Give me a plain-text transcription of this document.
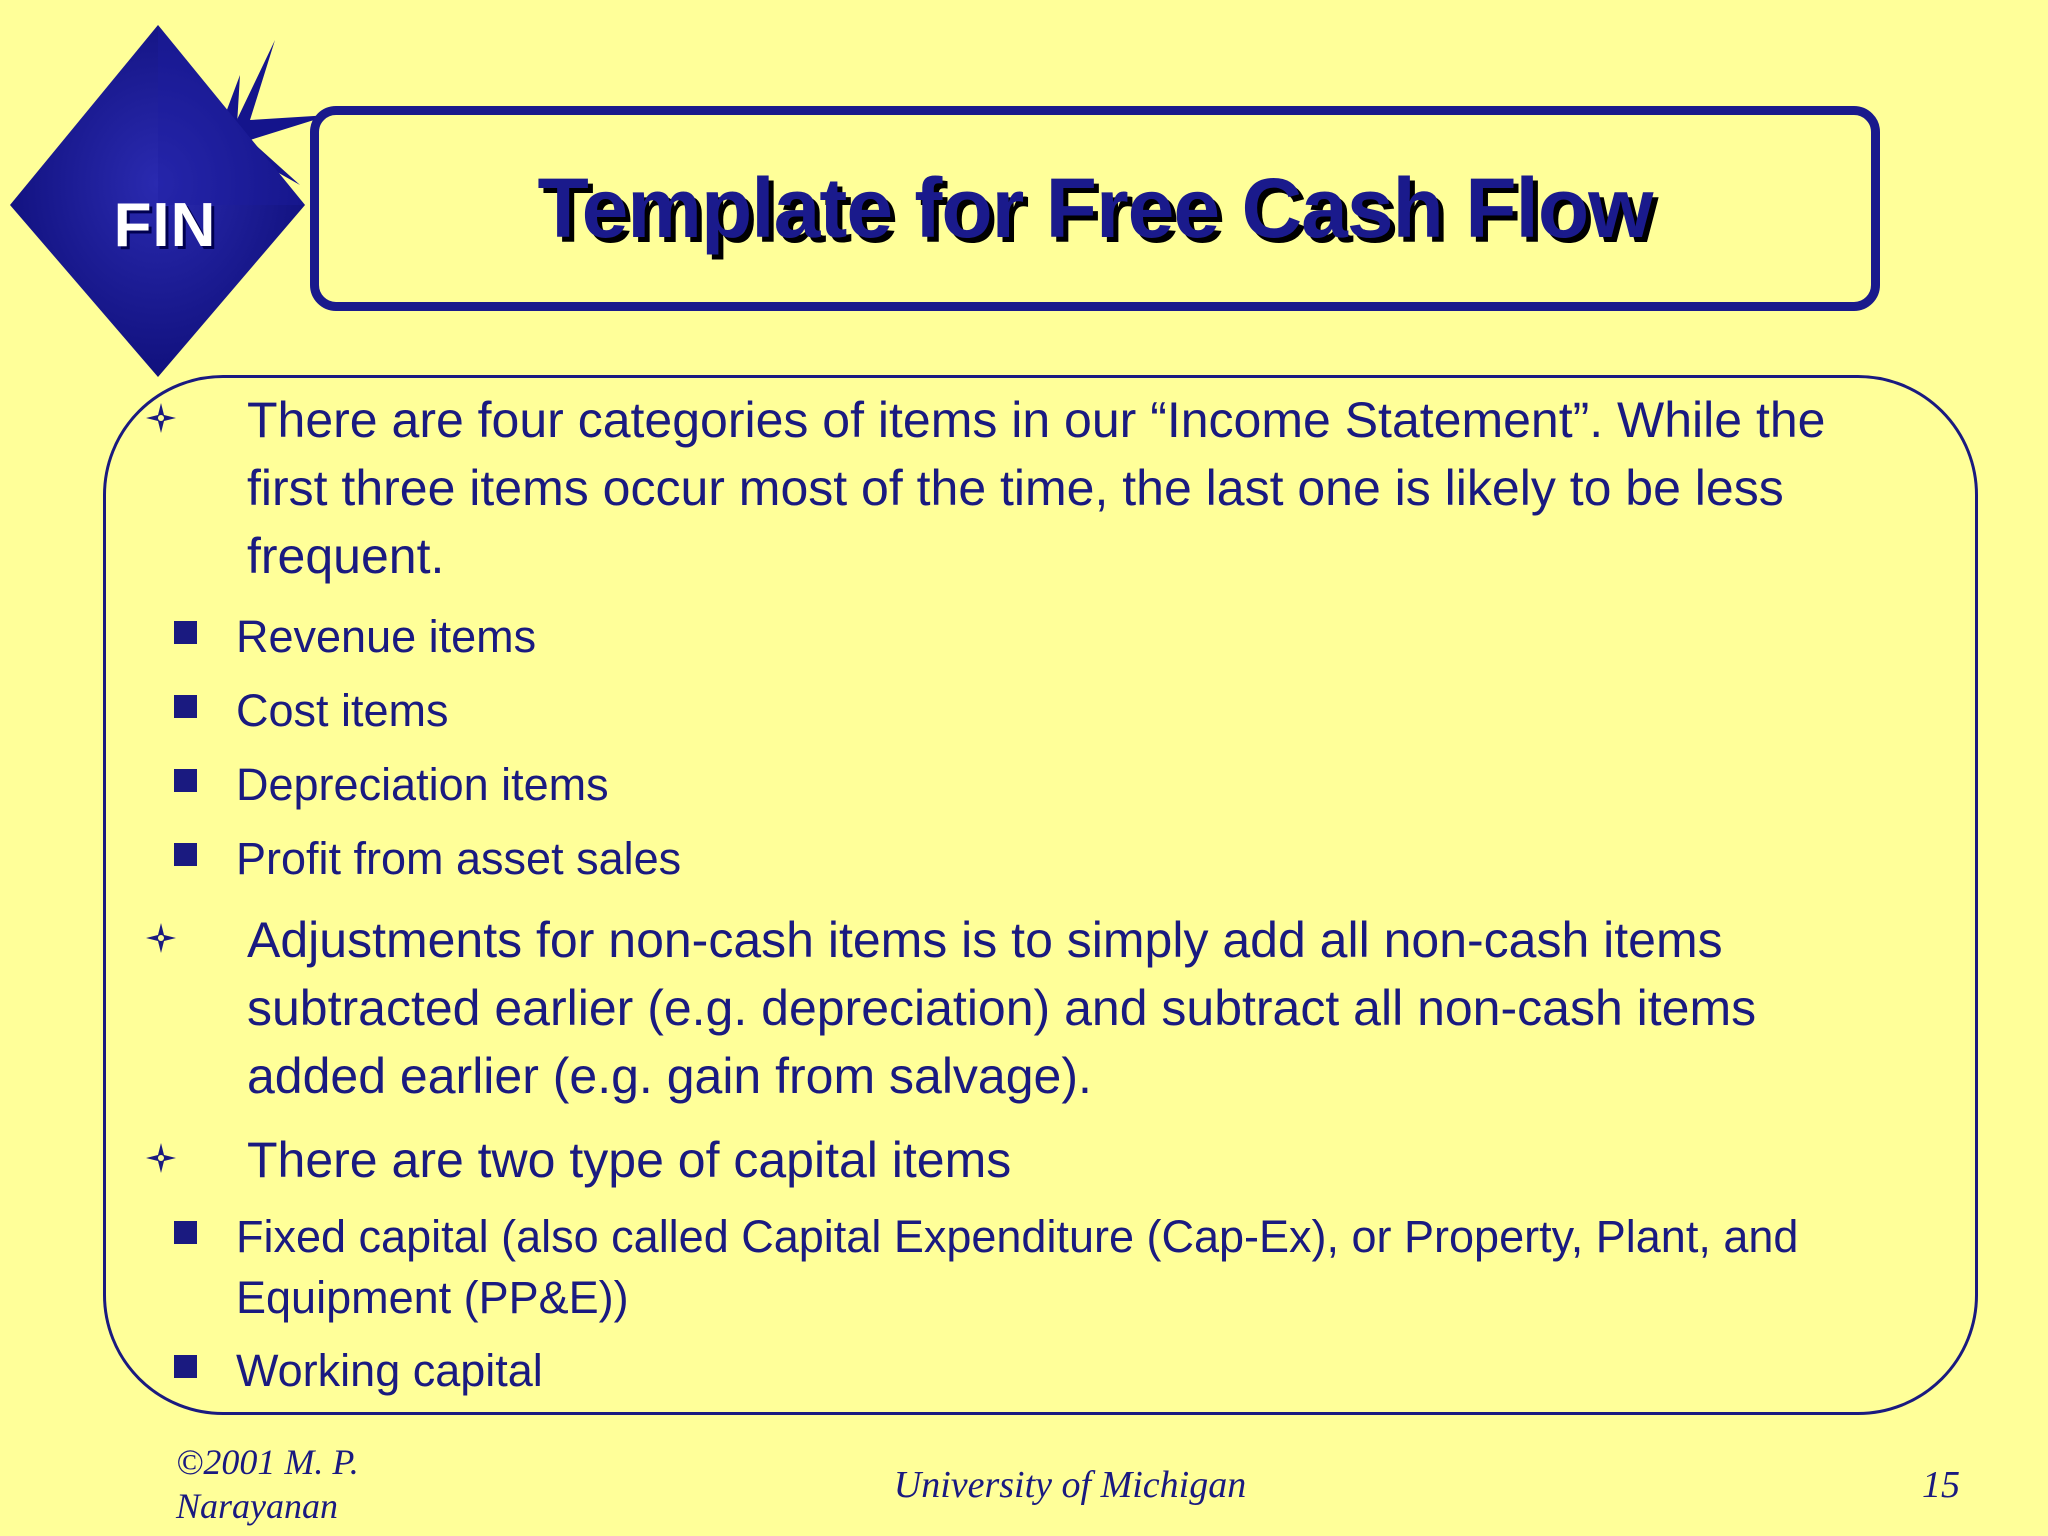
FIN	Template for Free Cash Flow
There are four categories of items in our “Income Statement”. While the first three items occur most of the time, the last one is likely to be less frequent.
Revenue items
Cost items
Depreciation items
Profit from asset sales
Adjustments for non-cash items is to simply add all non-cash items subtracted earlier (e.g. depreciation) and subtract all non-cash items added earlier (e.g. gain from salvage).
There are two type of capital items
Fixed capital (also called Capital Expenditure (Cap-Ex), or Property, Plant, and Equipment (PP&E))
Working capital
©2001 M. P. Narayanan	University of Michigan	15
